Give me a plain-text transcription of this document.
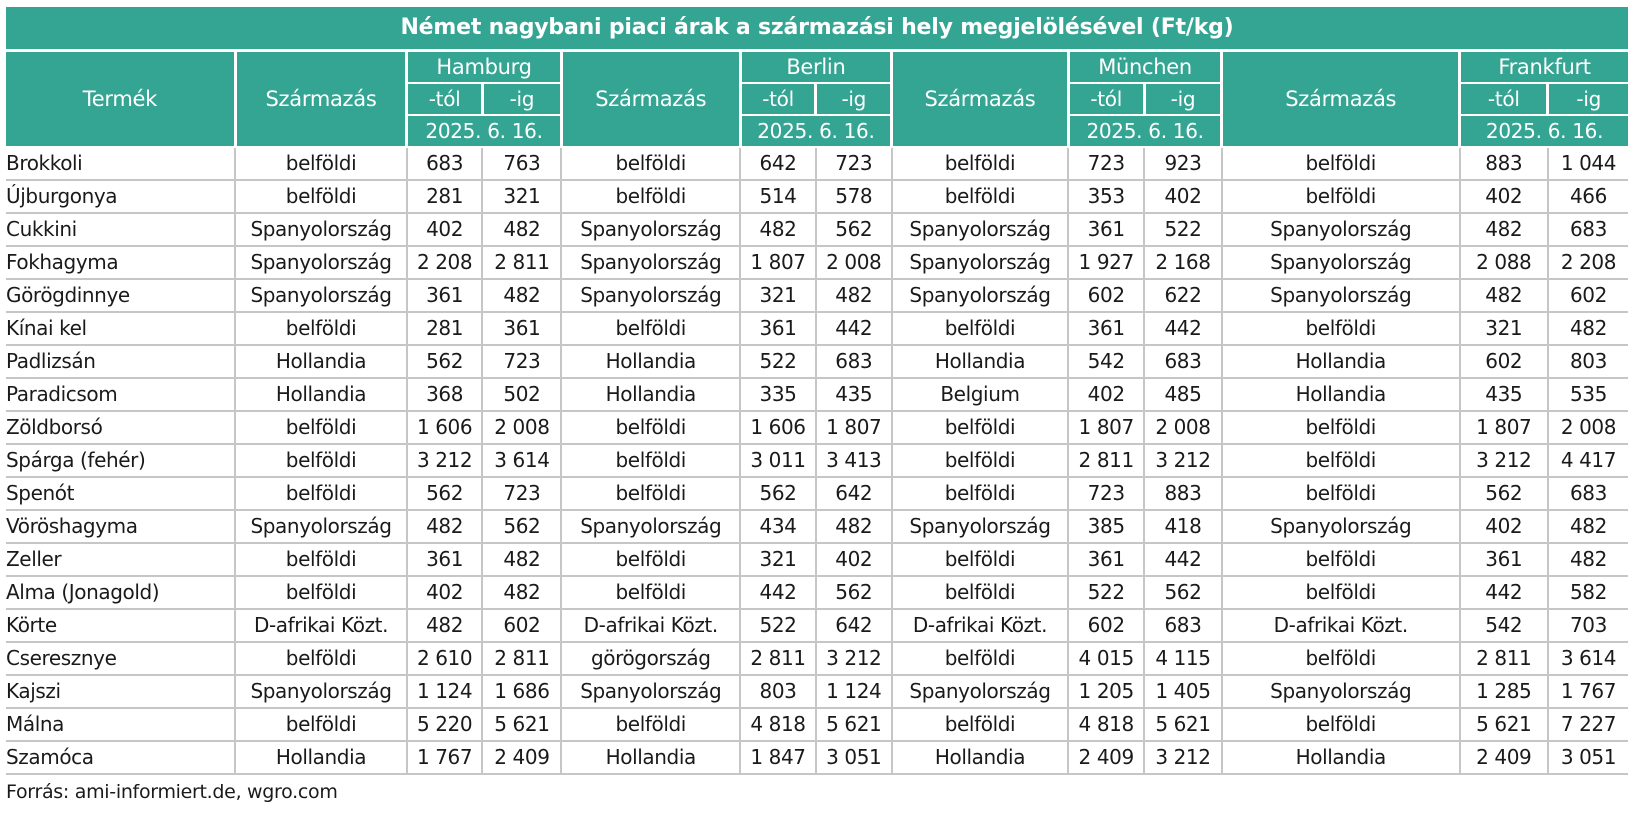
Német nagybani piaci árak a származási hely megjelölésével (Ft/kg)
Termék	Származás	Hamburg		Származás	Berlin		Származás	München		Származás	Frankfurt	
		-tól	-ig		-tól	-ig		-tól	-ig		-tól	-ig
		2025. 6. 16.			2025. 6. 16.			2025. 6. 16.			2025. 6. 16.	
Brokkoli	belföldi	683	763	belföldi	642	723	belföldi	723	923	belföldi	883	1 044
Újburgonya	belföldi	281	321	belföldi	514	578	belföldi	353	402	belföldi	402	466
Cukkini	Spanyolország	402	482	Spanyolország	482	562	Spanyolország	361	522	Spanyolország	482	683
Fokhagyma	Spanyolország	2 208	2 811	Spanyolország	1 807	2 008	Spanyolország	1 927	2 168	Spanyolország	2 088	2 208
Görögdinnye	Spanyolország	361	482	Spanyolország	321	482	Spanyolország	602	622	Spanyolország	482	602
Kínai kel	belföldi	281	361	belföldi	361	442	belföldi	361	442	belföldi	321	482
Padlizsán	Hollandia	562	723	Hollandia	522	683	Hollandia	542	683	Hollandia	602	803
Paradicsom	Hollandia	368	502	Hollandia	335	435	Belgium	402	485	Hollandia	435	535
Zöldborsó	belföldi	1 606	2 008	belföldi	1 606	1 807	belföldi	1 807	2 008	belföldi	1 807	2 008
Spárga (fehér)	belföldi	3 212	3 614	belföldi	3 011	3 413	belföldi	2 811	3 212	belföldi	3 212	4 417
Spenót	belföldi	562	723	belföldi	562	642	belföldi	723	883	belföldi	562	683
Vöröshagyma	Spanyolország	482	562	Spanyolország	434	482	Spanyolország	385	418	Spanyolország	402	482
Zeller	belföldi	361	482	belföldi	321	402	belföldi	361	442	belföldi	361	482
Alma (Jonagold)	belföldi	402	482	belföldi	442	562	belföldi	522	562	belföldi	442	582
Körte	D-afrikai Közt.	482	602	D-afrikai Közt.	522	642	D-afrikai Közt.	602	683	D-afrikai Közt.	542	703
Cseresznye	belföldi	2 610	2 811	görögország	2 811	3 212	belföldi	4 015	4 115	belföldi	2 811	3 614
Kajszi	Spanyolország	1 124	1 686	Spanyolország	803	1 124	Spanyolország	1 205	1 405	Spanyolország	1 285	1 767
Málna	belföldi	5 220	5 621	belföldi	4 818	5 621	belföldi	4 818	5 621	belföldi	5 621	7 227
Szamóca	Hollandia	1 767	2 409	Hollandia	1 847	3 051	Hollandia	2 409	3 212	Hollandia	2 409	3 051
Forrás: ami-informiert.de, wgro.com
